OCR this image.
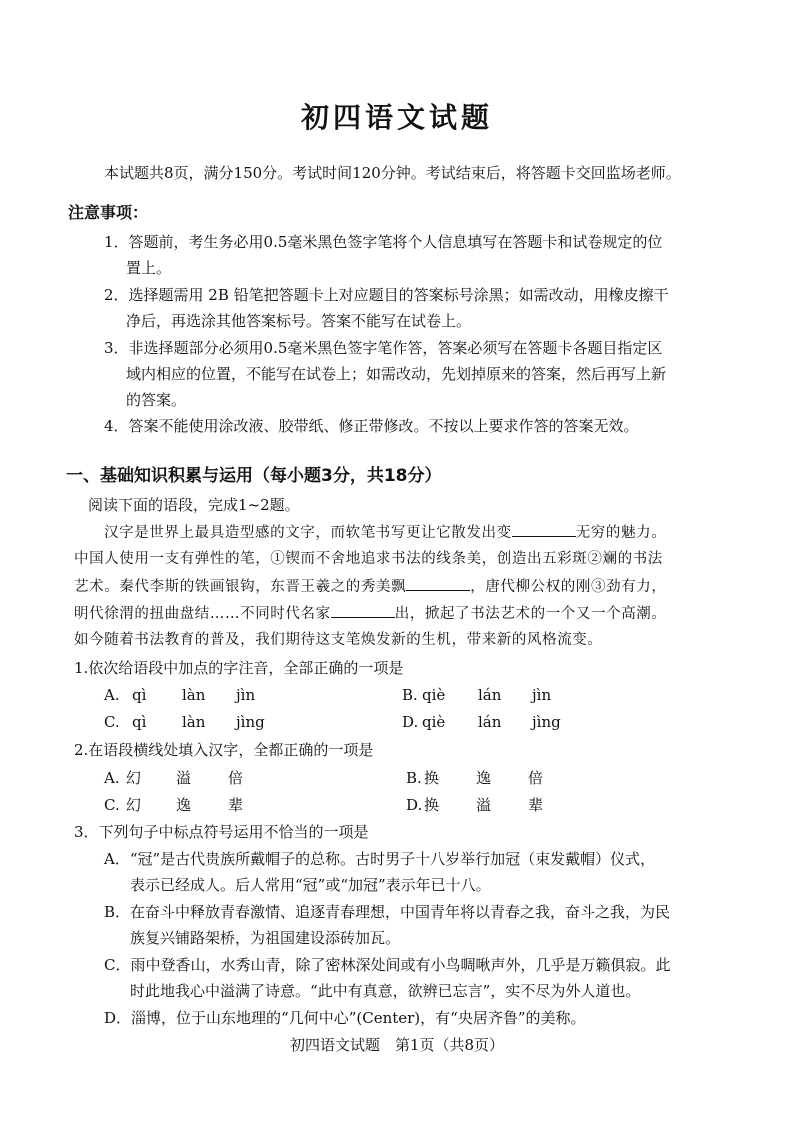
初四语文试题
本试题共8页，满分150分。考试时间120分钟。考试结束后，将答题卡交回监场老师。
注意事项：
1．答题前，考生务必用0.5毫米黑色签字笔将个人信息填写在答题卡和试卷规定的位
置上。
2．选择题需用 2B 铅笔把答题卡上对应题目的答案标号涂黑；如需改动，用橡皮擦干
净后，再选涂其他答案标号。答案不能写在试卷上。
3．非选择题部分必须用0.5毫米黑色签字笔作答，答案必须写在答题卡各题目指定区
域内相应的位置，不能写在试卷上；如需改动，先划掉原来的答案，然后再写上新
的答案。
4．答案不能使用涂改液、胶带纸、修正带修改。不按以上要求作答的答案无效。
一、基础知识积累与运用（每小题3分，共18分）
阅读下面的语段，完成1~2题。
汉字是世界上最具造型感的文字，而软笔书写更让它散发出变	无穷的魅力。
中国人使用一支有弹性的笔，①锲而不舍地追求书法的线条美，创造出五彩斑②斓的书法
艺术。秦代李斯的铁画银钩，东晋王羲之的秀美飘	，唐代柳公权的刚③劲有力，
明代徐渭的扭曲盘结……不同时代名家	出，掀起了书法艺术的一个又一个高潮。
如今随着书法教育的普及，我们期待这支笔焕发新的生机，带来新的风格流变。
1.依次给语段中加点的字注音，全部正确的一项是
A. qì làn jìn	B. qiè lán jìn
C. qì làn jìng	D. qiè lán jìng
2.在语段横线处填入汉字，全都正确的一项是
A. 幻 溢 倍	B. 换 逸 倍
C. 幻 逸 辈	D. 换 溢 辈
3．下列句子中标点符号运用不恰当的一项是
A．“冠”是古代贵族所戴帽子的总称。古时男子十八岁举行加冠（束发戴帽）仪式，
表示已经成人。后人常用“冠”或“加冠”表示年已十八。
B．在奋斗中释放青春激情、追逐青春理想，中国青年将以青春之我，奋斗之我，为民
族复兴铺路架桥，为祖国建设添砖加瓦。
C．雨中登香山，水秀山青，除了密林深处间或有小鸟啁啾声外，几乎是万籁俱寂。此
时此地我心中溢满了诗意。“此中有真意，欲辨已忘言”，实不尽为外人道也。
D．淄博，位于山东地理的“几何中心”(Center)，有“央居齐鲁”的美称。
初四语文试题　第1页（共8页）
